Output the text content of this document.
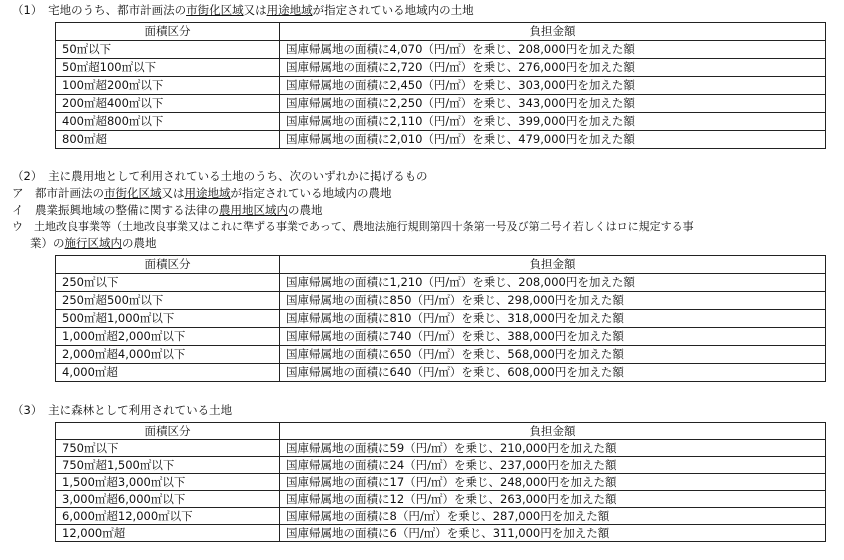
（1）　宅地のうち、都市計画法の市街化区域又は用途地域が指定されている地域内の土地
面積区分	負担金額
50㎡以下	国庫帰属地の面積に4,070（円/㎡）を乗じ、208,000円を加えた額
50㎡超100㎡以下	国庫帰属地の面積に2,720（円/㎡）を乗じ、276,000円を加えた額
100㎡超200㎡以下	国庫帰属地の面積に2,450（円/㎡）を乗じ、303,000円を加えた額
200㎡超400㎡以下	国庫帰属地の面積に2,250（円/㎡）を乗じ、343,000円を加えた額
400㎡超800㎡以下	国庫帰属地の面積に2,110（円/㎡）を乗じ、399,000円を加えた額
800㎡超	国庫帰属地の面積に2,010（円/㎡）を乗じ、479,000円を加えた額
（2）　主に農用地として利用されている土地のうち、次のいずれかに掲げるもの
ア　都市計画法の市街化区域又は用途地域が指定されている地域内の農地
イ　農業振興地域の整備に関する法律の農用地区域内の農地
ウ　土地改良事業等（土地改良事業又はこれに準ずる事業であって、農地法施行規則第四十条第一号及び第二号イ若しくはロに規定する事
業）の施行区域内の農地
面積区分	負担金額
250㎡以下	国庫帰属地の面積に1,210（円/㎡）を乗じ、208,000円を加えた額
250㎡超500㎡以下	国庫帰属地の面積に850（円/㎡）を乗じ、298,000円を加えた額
500㎡超1,000㎡以下	国庫帰属地の面積に810（円/㎡）を乗じ、318,000円を加えた額
1,000㎡超2,000㎡以下	国庫帰属地の面積に740（円/㎡）を乗じ、388,000円を加えた額
2,000㎡超4,000㎡以下	国庫帰属地の面積に650（円/㎡）を乗じ、568,000円を加えた額
4,000㎡超	国庫帰属地の面積に640（円/㎡）を乗じ、608,000円を加えた額
（3）　主に森林として利用されている土地
面積区分	負担金額
750㎡以下	国庫帰属地の面積に59（円/㎡）を乗じ、210,000円を加えた額
750㎡超1,500㎡以下	国庫帰属地の面積に24（円/㎡）を乗じ、237,000円を加えた額
1,500㎡超3,000㎡以下	国庫帰属地の面積に17（円/㎡）を乗じ、248,000円を加えた額
3,000㎡超6,000㎡以下	国庫帰属地の面積に12（円/㎡）を乗じ、263,000円を加えた額
6,000㎡超12,000㎡以下	国庫帰属地の面積に8（円/㎡）を乗じ、287,000円を加えた額
12,000㎡超	国庫帰属地の面積に6（円/㎡）を乗じ、311,000円を加えた額
